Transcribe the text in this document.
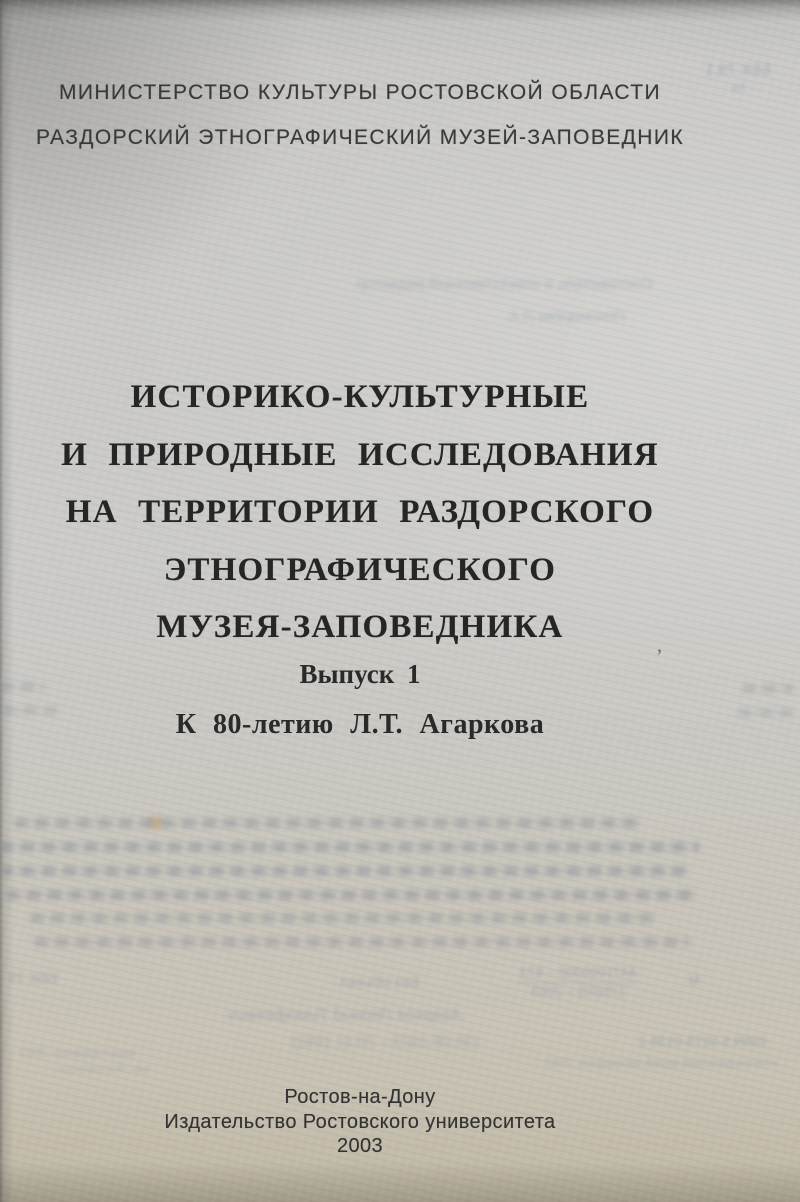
ББК 79.1
№
МИНИСТЕРСТВО КУЛЬТУРЫ РОСТОВСКОЙ ОБЛАСТИ
РАЗДОРСКИЙ ЭТНОГРАФИЧЕСКИЙ МУЗЕЙ-ЗАПОВЕДНИК
Составитель и ответственный редактор
Пономарёва Л.А.
ИСТОРИКО-КУЛЬТУРНЫЕ
И ПРИРОДНЫЕ ИССЛЕДОВАНИЯ
НА ТЕРРИТОРИИ РАЗДОРСКОГО
ЭТНОГРАФИЧЕСКОГО
МУЗЕЯ-ЗАПОВЕДНИКА
Выпуск 1
ʼ
К 80-летию Л.Т. Агаркова
ББК 79	Без объявл.
4471000000 – 673
175(03) – 2003
М
Агарков Леонид Тимофеевич
ISBN 5-9275-0136-2
(30.08.1923 – 20.11.1992)
этнографический музей-заповедник, 2003
малотиражная, 2003
тип. Ростовского
Ростов-на-Дону
Издательство Ростовского университета
2003
